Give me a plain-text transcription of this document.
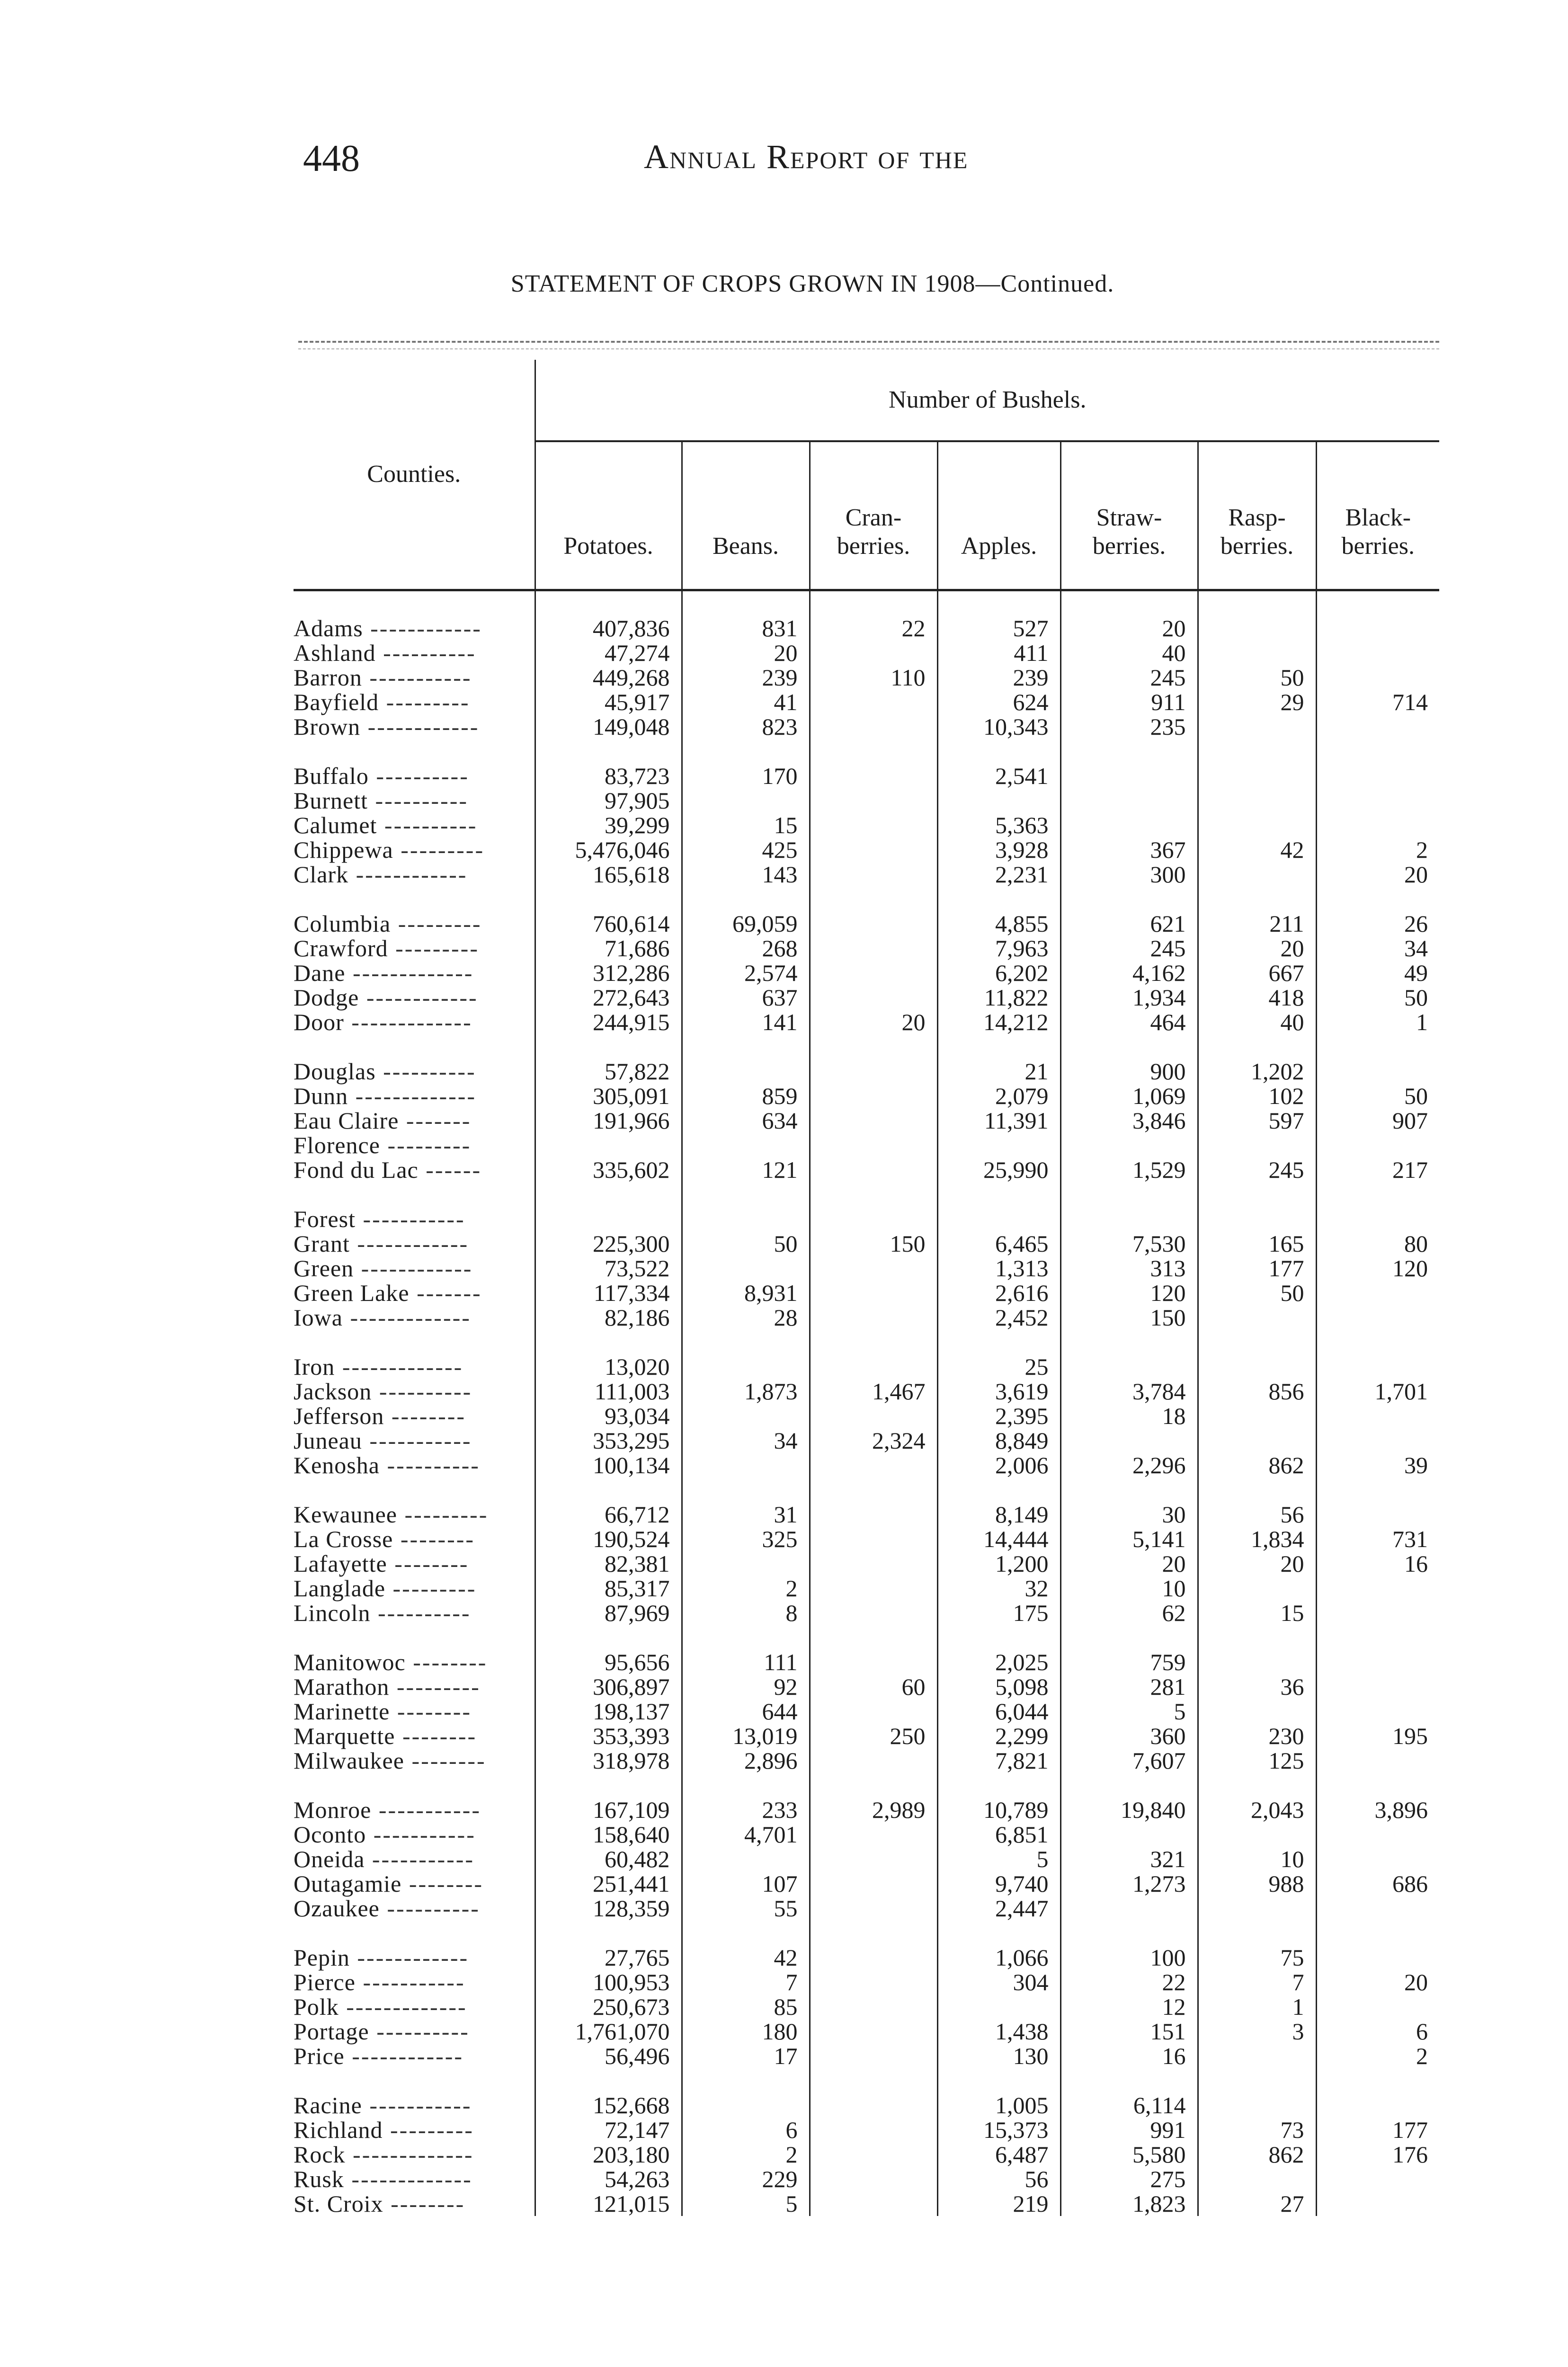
448	Annual Report of the
STATEMENT OF CROPS GROWN IN 1908—Continued.
Counties.	Number of Bushels.						
	Potatoes.	Beans.	Cran- berries.	Apples.	Straw- berries.	Rasp- berries.	Black- berries.

Adams ------------	407,836	831	22	527	20		
Ashland ----------	47,274	20		411	40		
Barron -----------	449,268	239	110	239	245	50	
Bayfield ---------	45,917	41		624	911	29	714
Brown ------------	149,048	823		10,343	235		

Buffalo ----------	83,723	170		2,541			
Burnett ----------	97,905						
Calumet ----------	39,299	15		5,363			
Chippewa ---------	5,476,046	425		3,928	367	42	2
Clark ------------	165,618	143		2,231	300		20

Columbia ---------	760,614	69,059		4,855	621	211	26
Crawford ---------	71,686	268		7,963	245	20	34
Dane -------------	312,286	2,574		6,202	4,162	667	49
Dodge ------------	272,643	637		11,822	1,934	418	50
Door -------------	244,915	141	20	14,212	464	40	1

Douglas ----------	57,822			21	900	1,202	
Dunn -------------	305,091	859		2,079	1,069	102	50
Eau Claire -------	191,966	634		11,391	3,846	597	907
Florence ---------							
Fond du Lac ------	335,602	121		25,990	1,529	245	217

Forest -----------							
Grant ------------	225,300	50	150	6,465	7,530	165	80
Green ------------	73,522			1,313	313	177	120
Green Lake -------	117,334	8,931		2,616	120	50	
Iowa -------------	82,186	28		2,452	150		

Iron -------------	13,020			25			
Jackson ----------	111,003	1,873	1,467	3,619	3,784	856	1,701
Jefferson --------	93,034			2,395	18		
Juneau -----------	353,295	34	2,324	8,849			
Kenosha ----------	100,134			2,006	2,296	862	39

Kewaunee ---------	66,712	31		8,149	30	56	
La Crosse --------	190,524	325		14,444	5,141	1,834	731
Lafayette --------	82,381			1,200	20	20	16
Langlade ---------	85,317	2		32	10		
Lincoln ----------	87,969	8		175	62	15	

Manitowoc --------	95,656	111		2,025	759		
Marathon ---------	306,897	92	60	5,098	281	36	
Marinette --------	198,137	644		6,044	5		
Marquette --------	353,393	13,019	250	2,299	360	230	195
Milwaukee --------	318,978	2,896		7,821	7,607	125	

Monroe -----------	167,109	233	2,989	10,789	19,840	2,043	3,896
Oconto -----------	158,640	4,701		6,851			
Oneida -----------	60,482			5	321	10	
Outagamie --------	251,441	107		9,740	1,273	988	686
Ozaukee ----------	128,359	55		2,447			

Pepin ------------	27,765	42		1,066	100	75	
Pierce -----------	100,953	7		304	22	7	20
Polk -------------	250,673	85			12	1	
Portage ----------	1,761,070	180		1,438	151	3	6
Price ------------	56,496	17		130	16		2

Racine -----------	152,668			1,005	6,114		
Richland ---------	72,147	6		15,373	991	73	177
Rock -------------	203,180	2		6,487	5,580	862	176
Rusk -------------	54,263	229		56	275		
St. Croix --------	121,015	5		219	1,823	27	
